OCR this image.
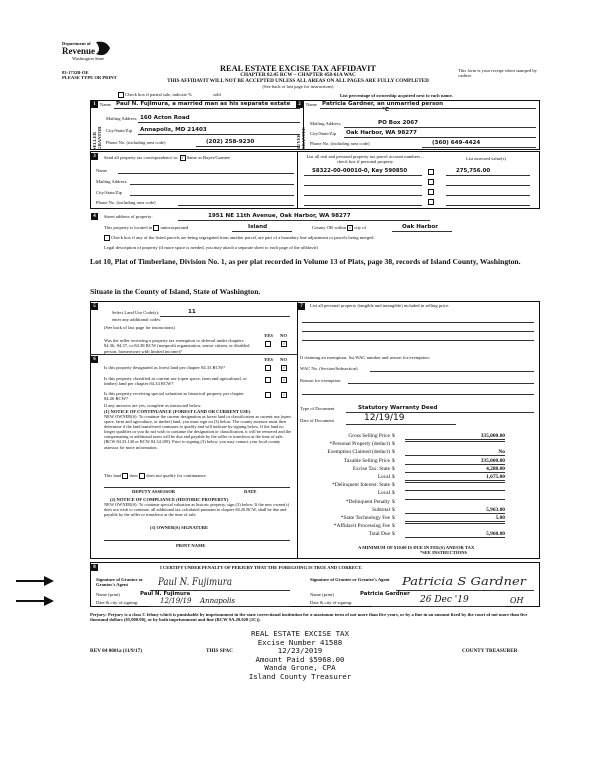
Department of
Revenue
Washington State
83-1752B-OE
PLEASE TYPE OR PRINT
REAL ESTATE EXCISE TAX AFFIDAVIT
CHAPTER 82.45 RCW – CHAPTER 458-61A WAC
THIS AFFIDAVIT WILL NOT BE ACCEPTED UNLESS ALL AREAS ON ALL PAGES ARE FULLY COMPLETED
(See back of last page for instructions)
This form is your receipt when stamped by cashier.
Check box if partial sale, indicate %	sold	List percentage of ownership acquired next to each name.
1	2
SELLER GRANTOR	BUYER GRANTEE
Name Paul N. Fujimura, a married man as his separate estate
Mailing Address 160 Acton Road
City/State/Zip Annapolis, MD 21403
Phone No. (including area code)	(202) 258-9230
Name Patricia Gardner, an unmarried person
*C
Mailing Address	PO Box 2067
City/State/Zip Oak Harbor, WA 98277
Phone No. (including area code)	(360) 649-4424
3	Send all property tax correspondence to: ✓ Same as Buyer/Grantee
Name
Mailing Address
City/State/Zip
Phone No. (including area code)
List all real and personal property tax parcel account numbers – check box if personal property
List assessed value(s)
S8322-00-00010-0, Key 590850	275,756.00
4	Street address of property:	1951 NE 11th Avenue, Oak Harbor, WA 98277
This property is located in unincorporated	Island	County OR within ✓ city of	Oak Harbor
Check box if any of the listed parcels are being segregated from another parcel, are part of a boundary line adjustment or parcels being merged.
Legal description of property (if more space is needed, you may attach a separate sheet to each page of the affidavit)
Lot 10, Plat of Timberlane, Division No. 1, as per plat recorded in Volume 13 of Plats, page 38, records of Island County, Washington.
Situate in the County of Island, State of Washington.
5
Select Land Use Code(s):	11
enter any additional codes:
(See back of last page for instructions)
YES NO
Was the seller receiving a property tax exemption or deferral under chapters 84.36, 84.37, or 84.38 RCW (nonprofit organization, senior citizen, or disabled person, homeowner with limited income)?
✓
6	YES NO
Is this property designated as forest land per chapter 84.33 RCW?	✓
Is this property classified as current use (open space, farm and agricultural, or timber) land per chapter 84.34 RCW?
✓
Is this property receiving special valuation as historical property per chapter 84.26 RCW?
✓
If any answers are yes, complete as instructed below.
(1) NOTICE OF CONTINUANCE (FOREST LAND OR CURRENT USE)
NEW OWNER(S): To continue the current designation as forest land or classification as current use (open space, farm and agriculture, or timber) land, you must sign on (3) below. The county assessor must then determine if the land transferred continues to qualify and will indicate by signing below. If the land no longer qualifies or you do not wish to continue the designation or classification, it will be removed and the compensating or additional taxes will be due and payable by the seller or transferor at the time of sale. (RCW 84.33.140 or RCW 84.34.108). Prior to signing (3) below, you may contact your local county assessor for more information.
This land does does not qualify for continuance.
DEPUTY ASSESSOR	DATE
(2) NOTICE OF COMPLIANCE (HISTORIC PROPERTY)
NEW OWNER(S): To continue special valuation as historic property, sign (3) below. If the new owner(s) does not wish to continue, all additional tax calculated pursuant to chapter 84.26 RCW, shall be due and payable by the seller or transferor at the time of sale.
(3) OWNER(S) SIGNATURE
PRINT NAME
7	List all personal property (tangible and intangible) included in selling price.
If claiming an exemption, list WAC number and reason for exemption:
WAC No. (Section/Subsection)
Reason for exemption
Type of Document	Statutory Warranty Deed
Date of Document	12/19/19
Gross Selling Price $	335,000.00
*Personal Property (deduct) $
Exemption Claimed (deduct) $	No
Taxable Selling Price $	335,000.00
Excise Tax: State $	4,288.00
Local $	1,675.00
*Delinquent Interest: State $
Local $
*Delinquent Penalty $
Subtotal $	5,963.00
*State Technology Fee $	5.00
*Affidavit Processing Fee $
Total Due $	5,968.00
A MINIMUM OF $10.00 IS DUE IN FEE(S) AND/OR TAX
*SEE INSTRUCTIONS
8	I CERTIFY UNDER PENALTY OF PERJURY THAT THE FOREGOING IS TRUE AND CORRECT.
Signature of Grantor or Grantor's Agent	Paul N. Fujimura
Name (print)	Paul N. Fujimura
Date & city of signing:	12/19/19 Annapolis
Signature of Grantee or Grantee's Agent Patricia S Gardner
Name (print)	Patricia Gardner
Date & city of signing:	26 Dec '19	OH
Perjury: Perjury is a class C felony which is punishable by imprisonment in the state correctional institution for a maximum term of not more than five years, or by a fine in an amount fixed by the court of not more than five thousand dollars ($5,000.00), or by both imprisonment and fine (RCW 9A.20.020 (1C)).
REAL ESTATE EXCISE TAX
Excise Number 41588
12/23/2019
Amount Paid $5968.00
Wanda Grone, CPA
Island County Treasurer
THIS SPAC
REV 84 0001a (11/9/17)	COUNTY TREASURER
